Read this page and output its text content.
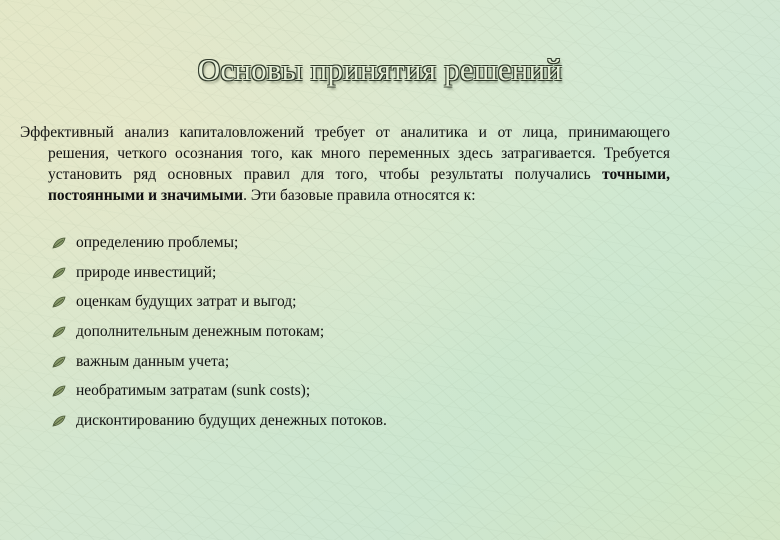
Основы принятия решений
Эффективный анализ капиталовложений требует от аналитика и от лица, принимающего решения, четкого осознания того, как много переменных здесь затрагивается. Требуется установить ряд основных правил для того, чтобы результаты получались точными, постоянными и значимыми. Эти базовые правила относятся к:
определению проблемы;
природе инвестиций;
оценкам будущих затрат и выгод;
дополнительным денежным потокам;
важным данным учета;
необратимым затратам (sunk costs);
дисконтированию будущих денежных потоков.
